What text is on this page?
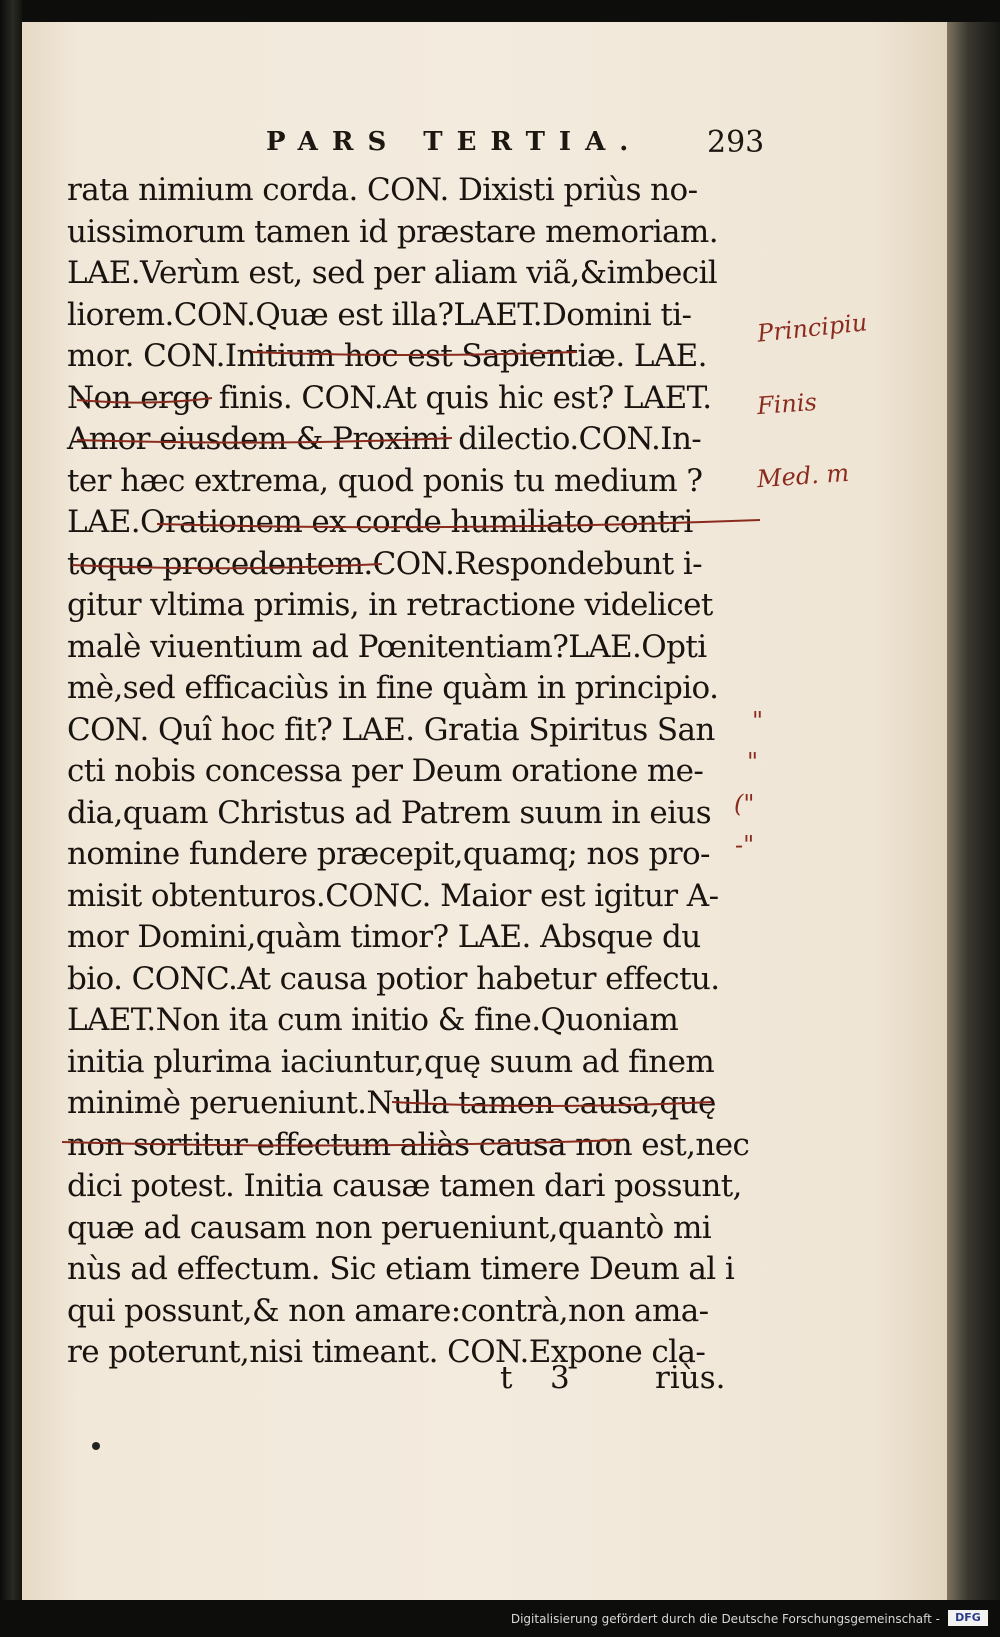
PARS TERTIA. 293
rata nimium corda. CON. Dixisti priùs no-
uissimorum tamen id præstare memoriam.
LAE.Verùm est, sed per aliam viã,&imbecil
liorem.CON.Quæ est illa?LAET.Domini ti-
mor. CON.Initium hoc est Sapientiæ. LAE.
Non ergo finis. CON.At quis hic est? LAET.
Amor eiusdem & Proximi dilectio.CON.In-
ter hæc extrema, quod ponis tu medium ?
LAE.Orationem ex corde humiliato contri
toque procedentem.CON.Respondebunt i-
gitur vltima primis, in retractione videlicet
malè viuentium ad Pœnitentiam?LAE.Opti
mè,sed efficaciùs in fine quàm in principio.
CON. Quî hoc fit? LAE. Gratia Spiritus San
cti nobis concessa per Deum oratione me-
dia,quam Christus ad Patrem suum in eius
nomine fundere præcepit,quamq; nos pro-
misit obtenturos.CONC. Maior est igitur A-
mor Domini,quàm timor? LAE. Absque du
bio. CONC.At causa potior habetur effectu.
LAET.Non ita cum initio & fine.Quoniam
initia plurima iaciuntur,quę suum ad finem
minimè perueniunt.Nulla tamen causa,quę
non sortitur effectum aliàs causa non est,nec
dici potest. Initia causæ tamen dari possunt,
quæ ad causam non perueniunt,quantò mi
nùs ad effectum. Sic etiam timere Deum al i
qui possunt,& non amare:contrà,non ama-
re poterunt,nisi timeant. CON.Expone cla-
Principiu
Finis
Med. m
"
"
("
-"
t 3	riùs.
Digitalisierung gefördert durch die Deutsche Forschungsgemeinschaft -	DFG
